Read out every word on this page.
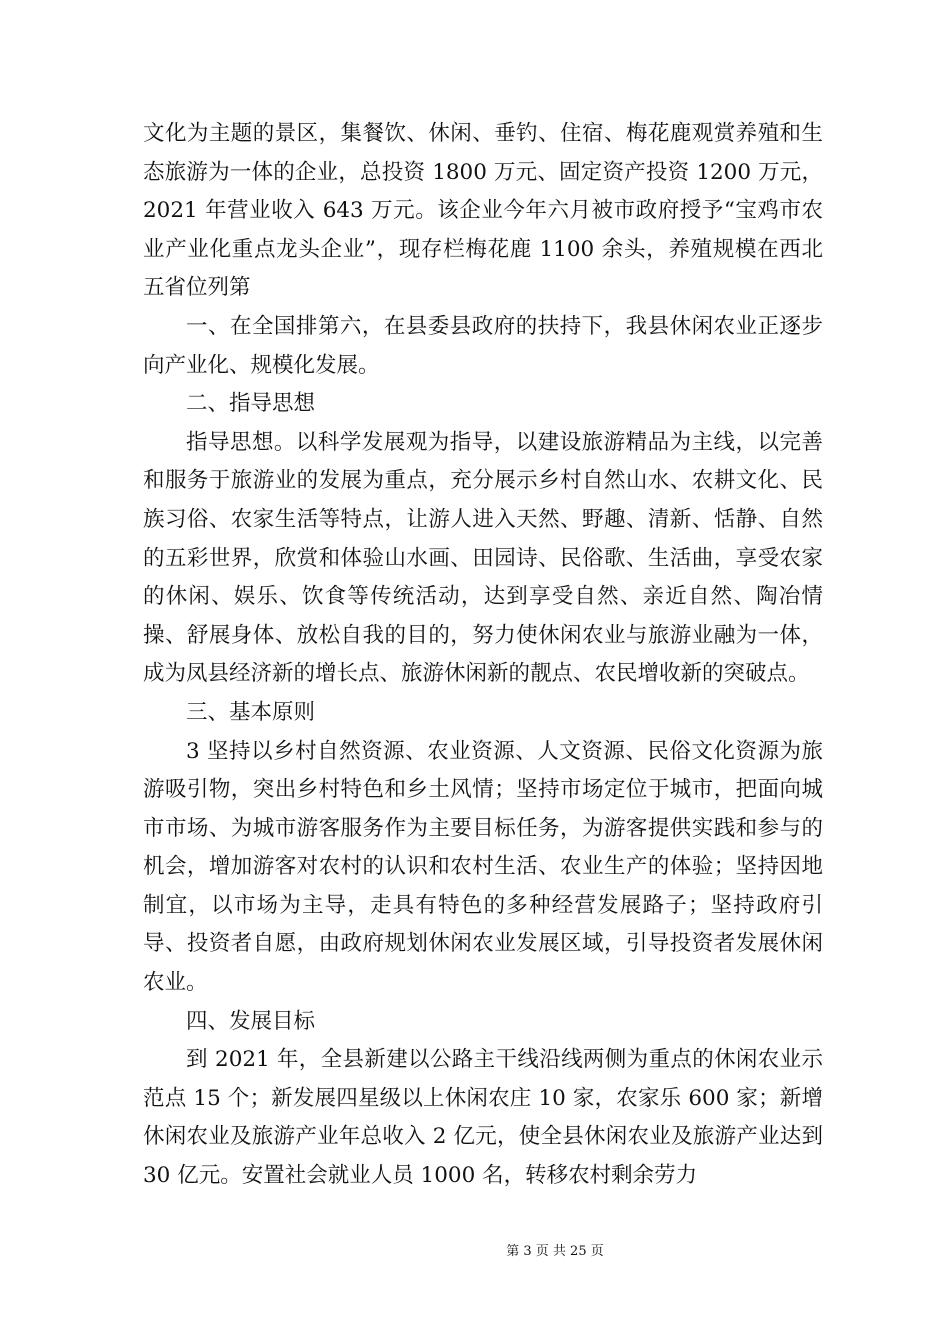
文化为主题的景区，集餐饮、休闲、垂钓、住宿、梅花鹿观赏养殖和生态旅游为一体的企业，总投资 1800 万元、固定资产投资 1200 万元，2021 年营业收入 643 万元。该企业今年六月被市政府授予“宝鸡市农业产业化重点龙头企业”，现存栏梅花鹿 1100 余头，养殖规模在西北五省位列第

一、在全国排第六，在县委县政府的扶持下，我县休闲农业正逐步向产业化、规模化发展。

二、指导思想

指导思想。以科学发展观为指导，以建设旅游精品为主线，以完善和服务于旅游业的发展为重点，充分展示乡村自然山水、农耕文化、民族习俗、农家生活等特点，让游人进入天然、野趣、清新、恬静、自然的五彩世界，欣赏和体验山水画、田园诗、民俗歌、生活曲，享受农家的休闲、娱乐、饮食等传统活动，达到享受自然、亲近自然、陶冶情操、舒展身体、放松自我的目的，努力使休闲农业与旅游业融为一体，成为凤县经济新的增长点、旅游休闲新的靓点、农民增收新的突破点。

三、基本原则

3 坚持以乡村自然资源、农业资源、人文资源、民俗文化资源为旅游吸引物，突出乡村特色和乡土风情；坚持市场定位于城市，把面向城市市场、为城市游客服务作为主要目标任务，为游客提供实践和参与的机会，增加游客对农村的认识和农村生活、农业生产的体验；坚持因地制宜，以市场为主导，走具有特色的多种经营发展路子；坚持政府引导、投资者自愿，由政府规划休闲农业发展区域，引导投资者发展休闲农业。

四、发展目标

到 2021 年，全县新建以公路主干线沿线两侧为重点的休闲农业示范点 15 个；新发展四星级以上休闲农庄 10 家，农家乐 600 家；新增休闲农业及旅游产业年总收入 2 亿元，使全县休闲农业及旅游产业达到 30 亿元。安置社会就业人员 1000 名，转移农村剩余劳力

第 3 页 共 25 页
